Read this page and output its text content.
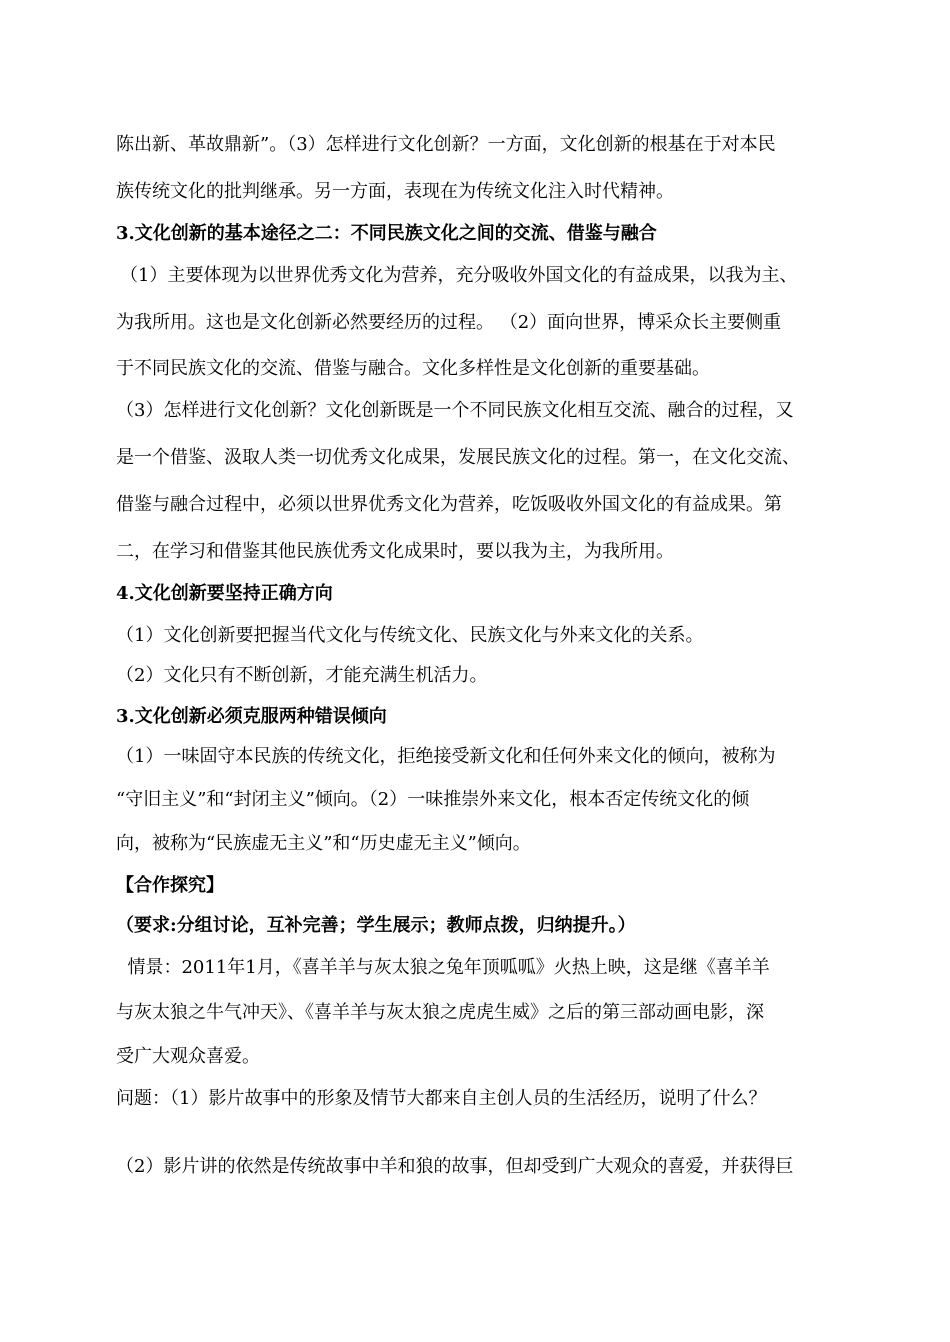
陈出新、革故鼎新”。（3）怎样进行文化创新？一方面，文化创新的根基在于对本民
族传统文化的批判继承。另一方面，表现在为传统文化注入时代精神。
3.文化创新的基本途径之二：不同民族文化之间的交流、借鉴与融合
（1）主要体现为以世界优秀文化为营养，充分吸收外国文化的有益成果，以我为主、
为我所用。这也是文化创新必然要经历的过程。 （2）面向世界，博采众长主要侧重
于不同民族文化的交流、借鉴与融合。文化多样性是文化创新的重要基础。
（3）怎样进行文化创新？文化创新既是一个不同民族文化相互交流、融合的过程，又
是一个借鉴、汲取人类一切优秀文化成果，发展民族文化的过程。第一，在文化交流、
借鉴与融合过程中，必须以世界优秀文化为营养，吃饭吸收外国文化的有益成果。第
二，在学习和借鉴其他民族优秀文化成果时，要以我为主，为我所用。
4.文化创新要坚持正确方向
（1）文化创新要把握当代文化与传统文化、民族文化与外来文化的关系。
（2）文化只有不断创新，才能充满生机活力。
3.文化创新必须克服两种错误倾向
（1）一味固守本民族的传统文化，拒绝接受新文化和任何外来文化的倾向，被称为
“守旧主义”和“封闭主义”倾向。（2）一味推崇外来文化，根本否定传统文化的倾
向，被称为“民族虚无主义”和“历史虚无主义”倾向。
【合作探究】
（要求:分组讨论，互补完善；学生展示；教师点拨，归纳提升。）
情景：2011年1月，《喜羊羊与灰太狼之兔年顶呱呱》火热上映，这是继《喜羊羊
与灰太狼之牛气冲天》、《喜羊羊与灰太狼之虎虎生威》之后的第三部动画电影，深
受广大观众喜爱。
问题：（1）影片故事中的形象及情节大都来自主创人员的生活经历，说明了什么？
（2）影片讲的依然是传统故事中羊和狼的故事，但却受到广大观众的喜爱，并获得巨
